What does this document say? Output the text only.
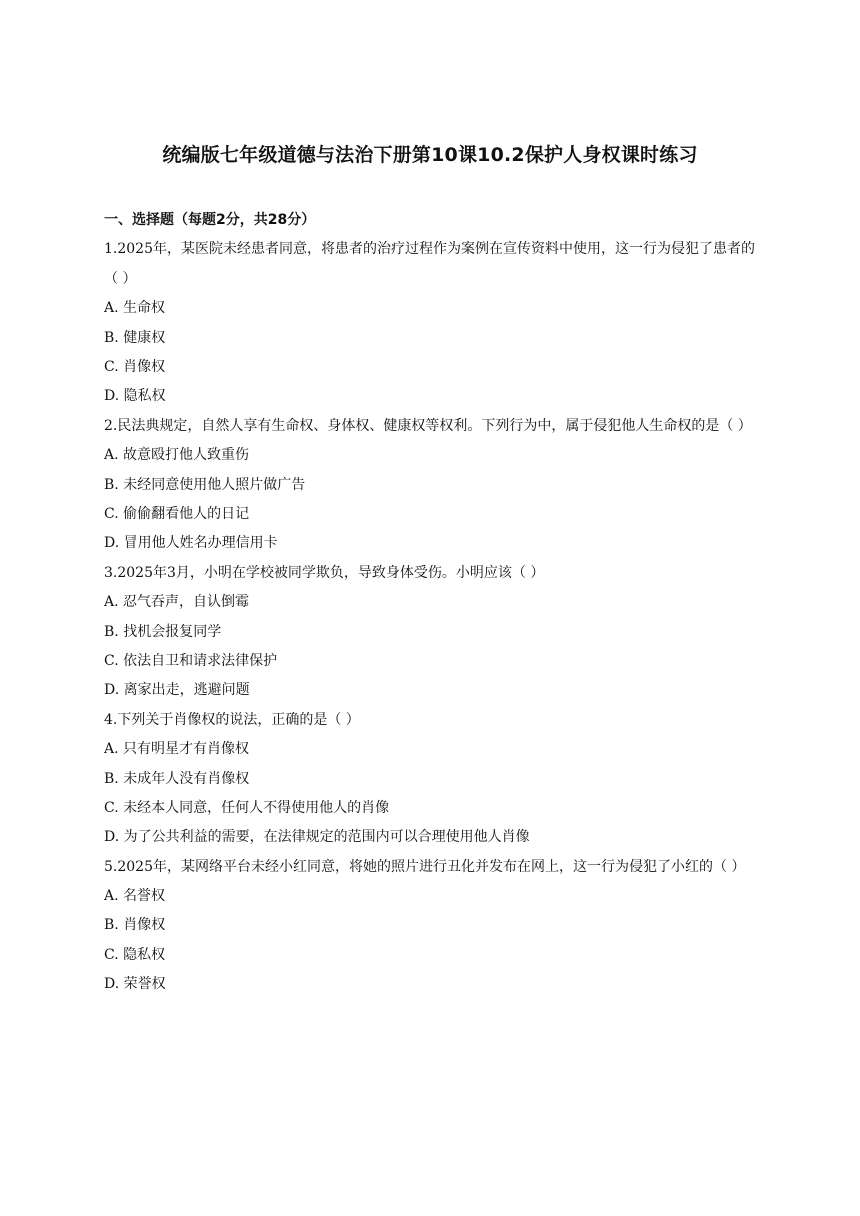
统编版七年级道德与法治下册第10课10.2保护人身权课时练习
一、选择题（每题2分，共28分）
1.2025年，某医院未经患者同意，将患者的治疗过程作为案例在宣传资料中使用，这一行为侵犯了患者的（ ）
A. 生命权
B. 健康权
C. 肖像权
D. 隐私权
2.民法典规定，自然人享有生命权、身体权、健康权等权利。下列行为中，属于侵犯他人生命权的是（ ）
A. 故意殴打他人致重伤
B. 未经同意使用他人照片做广告
C. 偷偷翻看他人的日记
D. 冒用他人姓名办理信用卡
3.2025年3月，小明在学校被同学欺负，导致身体受伤。小明应该（ ）
A. 忍气吞声，自认倒霉
B. 找机会报复同学
C. 依法自卫和请求法律保护
D. 离家出走，逃避问题
4.下列关于肖像权的说法，正确的是（ ）
A. 只有明星才有肖像权
B. 未成年人没有肖像权
C. 未经本人同意，任何人不得使用他人的肖像
D. 为了公共利益的需要，在法律规定的范围内可以合理使用他人肖像
5.2025年，某网络平台未经小红同意，将她的照片进行丑化并发布在网上，这一行为侵犯了小红的（ ）
A. 名誉权
B. 肖像权
C. 隐私权
D. 荣誉权
